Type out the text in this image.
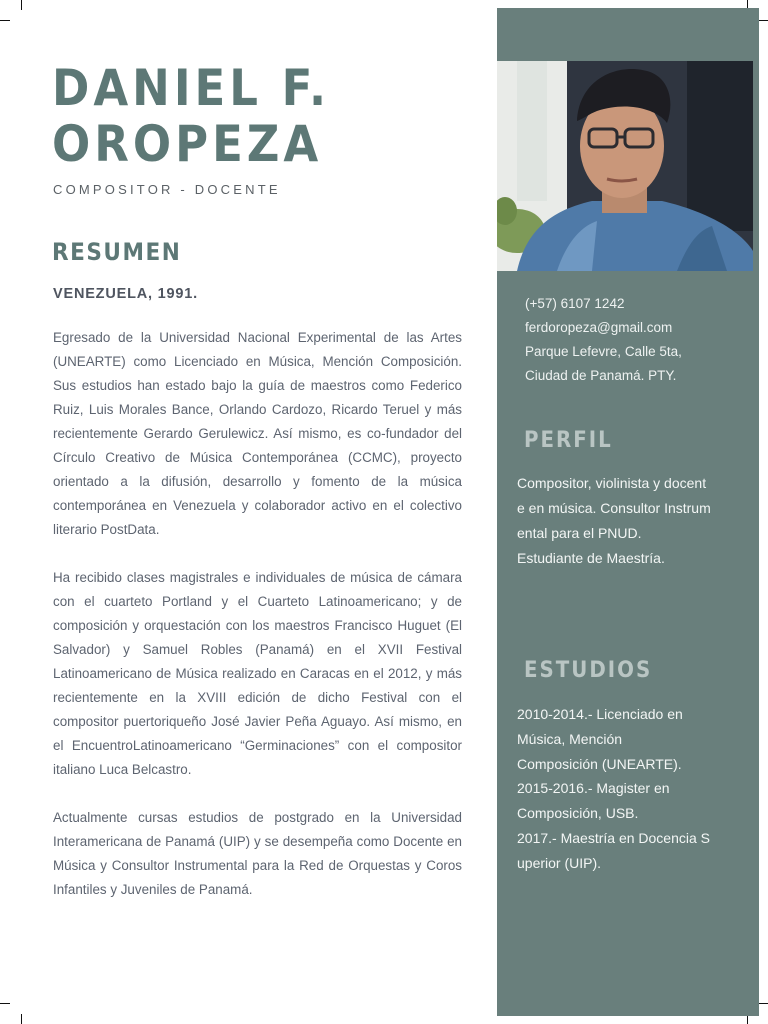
DANIEL F.
OROPEZA

COMPOSITOR - DOCENTE

RESUMEN

VENEZUELA, 1991.

Egresado de la Universidad Nacional Experimental de las Artes (UNEARTE) como Licenciado en Música, Mención Composición. Sus estudios han estado bajo la guía de maestros como Federico Ruiz, Luis Morales Bance, Orlando Cardozo, Ricardo Teruel y más recientemente Gerardo Gerulewicz. Así mismo, es co-fundador del Círculo Creativo de Música Contemporánea (CCMC), proyecto orientado a la difusión, desarrollo y fomento de la música contemporánea en Venezuela y colaborador activo en el colectivo literario PostData.

Ha recibido clases magistrales e individuales de música de cámara con el cuarteto Portland y el Cuarteto Latinoamericano; y de composición y orquestación con los maestros Francisco Huguet (El Salvador) y Samuel Robles (Panamá) en el XVII Festival Latinoamericano de Música realizado en Caracas en el 2012, y más recientemente en la XVIII edición de dicho Festival con el compositor puertoriqueño José Javier Peña Aguayo. Así mismo, en el EncuentroLatinoamericano “Germinaciones” con el compositor italiano Luca Belcastro.

Actualmente cursas estudios de postgrado en la Universidad Interamericana de Panamá (UIP) y se desempeña como Docente en Música y Consultor Instrumental para la Red de Orquestas y Coros Infantiles y Juveniles de Panamá.

(+57) 6107 1242
ferdoropeza@gmail.com
Parque Lefevre, Calle 5ta,
Ciudad de Panamá. PTY.
PERFIL
Compositor, violinista y docent
e en música. Consultor Instrum
ental para el PNUD.
Estudiante de Maestría.
ESTUDIOS
2010-2014.- Licenciado en
Música, Mención
Composición (UNEARTE).
2015-2016.- Magister en
Composición, USB.
2017.- Maestría en Docencia S
uperior (UIP).
